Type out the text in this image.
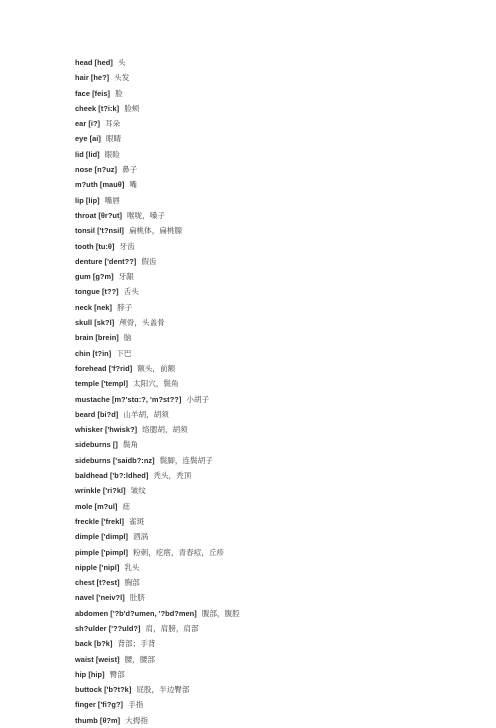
head [hed] 头
hair [he?] 头发
face [feis] 脸
cheek [t?i:k] 脸颊
ear [i?] 耳朵
eye [ai] 眼睛
lid [lid] 眼睑
nose [n?uz] 鼻子
m?uth [mauθ] 嘴
lip [lip] 嘴唇
throat [θr?ut] 喉咙，嗓子
tonsil ['t?nsil] 扁桃体，扁桃腺
tooth [tu:θ] 牙齿
denture ['dent??] 假齿
gum [g?m] 牙龈
tongue [t??] 舌头
neck [nek] 脖子
skull [sk?l] 颅骨，头盖骨
brain [brein] 脑
chin [t?in] 下巴
forehead ['f?rid] 额头，前额
temple ['templ] 太阳穴，鬓角
mustache [m?'stɑ:?, 'm?st??] 小胡子
beard [bi?d] 山羊胡，胡须
whisker ['hwisk?] 络腮胡，胡须
sideburns [] 鬓角
sideburns ['saidb?:nz] 鬓脚，连鬓胡子
baldhead ['b?:ldhed] 秃头，秃顶
wrinkle ['ri?kl] 皱纹
mole [m?ul] 痣
freckle ['frekl] 雀斑
dimple ['dimpl] 酒涡
pimple ['pimpl] 粉刺，疙瘩，青春痘，丘疹
nipple ['nipl] 乳头
chest [t?est] 胸部
navel ['neiv?l] 肚脐
abdomen ['?b'd?umen, '?bd?men] 腹部，腹腔
sh?ulder ['??uld?] 肩，肩膀，肩部
back [b?k] 背部；手背
waist [weist] 腰，腰部
hip [hip] 臀部
buttock ['b?t?k] 屁股，半边臀部
finger ['fi?g?] 手指
thumb [θ?m] 大拇指
